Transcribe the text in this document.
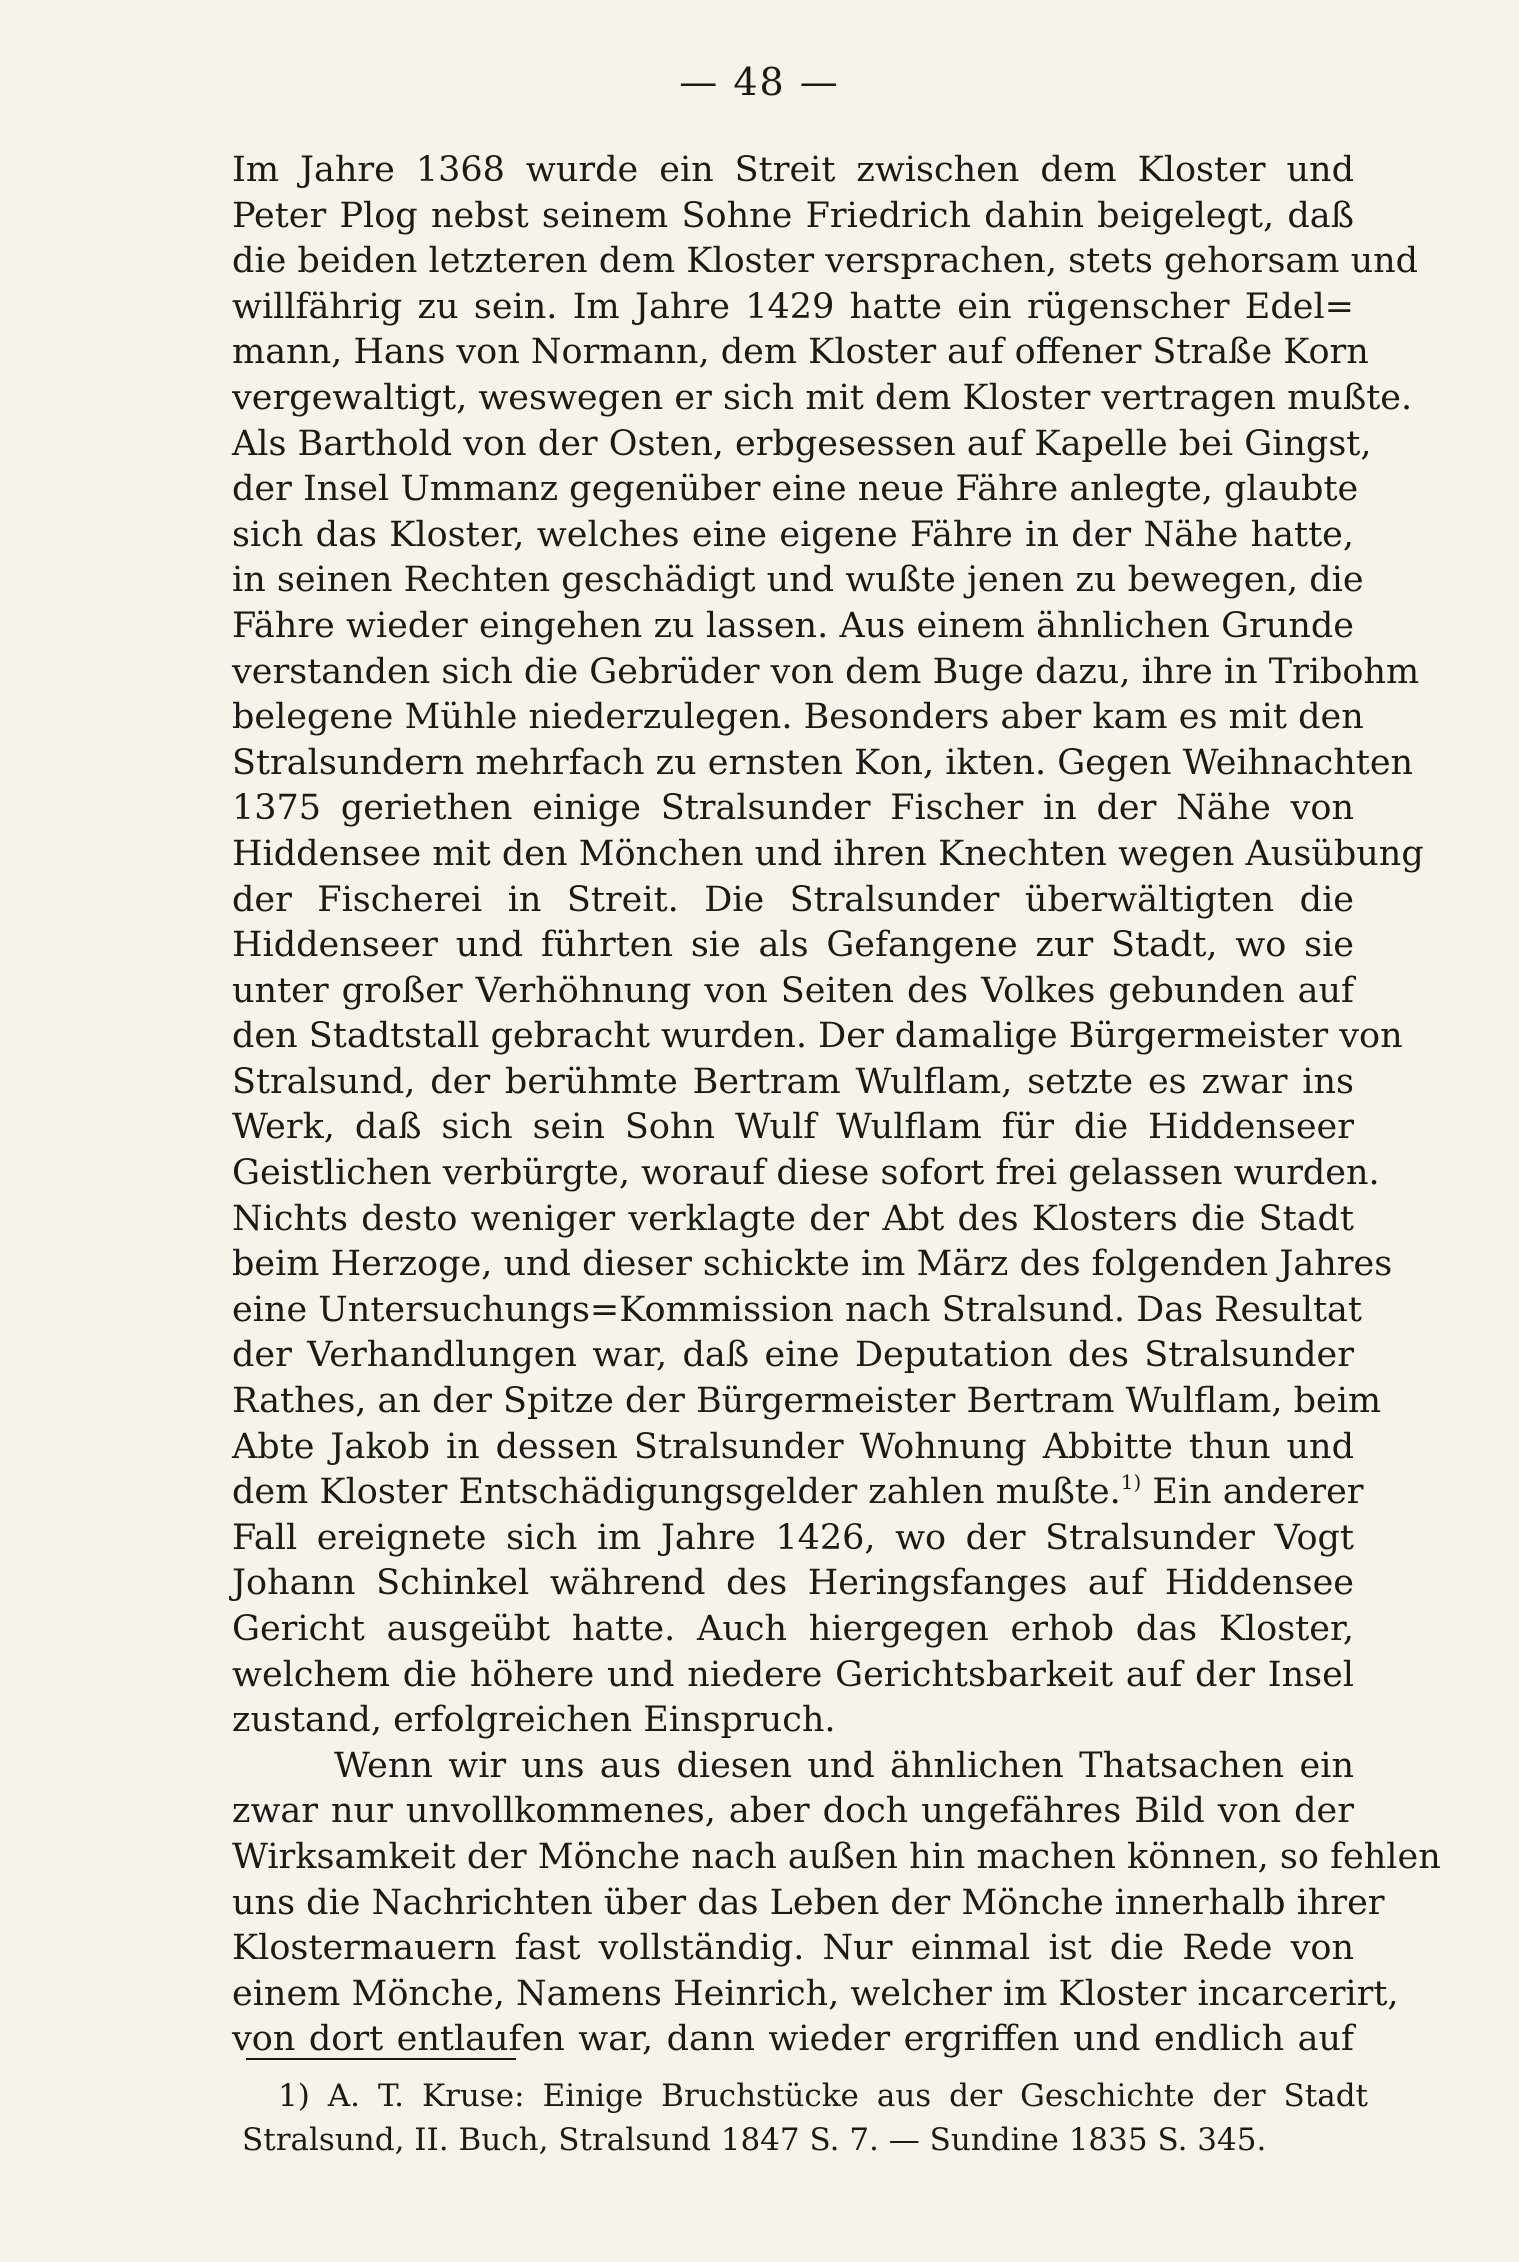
— 48 —
Im Jahre 1368 wurde ein Streit zwischen dem Kloster und
Peter Plog nebst seinem Sohne Friedrich dahin beigelegt, daß
die beiden letzteren dem Kloster versprachen, stets gehorsam und
willfährig zu sein. Im Jahre 1429 hatte ein rügenscher Edel=
mann, Hans von Normann, dem Kloster auf offener Straße Korn
vergewaltigt, weswegen er sich mit dem Kloster vertragen mußte.
Als Barthold von der Osten, erbgesessen auf Kapelle bei Gingst,
der Insel Ummanz gegenüber eine neue Fähre anlegte, glaubte
sich das Kloster, welches eine eigene Fähre in der Nähe hatte,
in seinen Rechten geschädigt und wußte jenen zu bewegen, die
Fähre wieder eingehen zu lassen. Aus einem ähnlichen Grunde
verstanden sich die Gebrüder von dem Buge dazu, ihre in Tribohm
belegene Mühle niederzulegen. Besonders aber kam es mit den
Stralsundern mehrfach zu ernsten Kon, ikten. Gegen Weihnachten
1375 geriethen einige Stralsunder Fischer in der Nähe von
Hiddensee mit den Mönchen und ihren Knechten wegen Ausübung
der Fischerei in Streit. Die Stralsunder überwältigten die
Hiddenseer und führten sie als Gefangene zur Stadt, wo sie
unter großer Verhöhnung von Seiten des Volkes gebunden auf
den Stadtstall gebracht wurden. Der damalige Bürgermeister von
Stralsund, der berühmte Bertram Wulflam, setzte es zwar ins
Werk, daß sich sein Sohn Wulf Wulflam für die Hiddenseer
Geistlichen verbürgte, worauf diese sofort frei gelassen wurden.
Nichts desto weniger verklagte der Abt des Klosters die Stadt
beim Herzoge, und dieser schickte im März des folgenden Jahres
eine Untersuchungs=Kommission nach Stralsund. Das Resultat
der Verhandlungen war, daß eine Deputation des Stralsunder
Rathes, an der Spitze der Bürgermeister Bertram Wulflam, beim
Abte Jakob in dessen Stralsunder Wohnung Abbitte thun und
dem Kloster Entschädigungsgelder zahlen mußte.$^{1)}$ Ein anderer
Fall ereignete sich im Jahre 1426, wo der Stralsunder Vogt
Johann Schinkel während des Heringsfanges auf Hiddensee
Gericht ausgeübt hatte. Auch hiergegen erhob das Kloster,
welchem die höhere und niedere Gerichtsbarkeit auf der Insel
zustand, erfolgreichen Einspruch.
Wenn wir uns aus diesen und ähnlichen Thatsachen ein
zwar nur unvollkommenes, aber doch ungefähres Bild von der
Wirksamkeit der Mönche nach außen hin machen können, so fehlen
uns die Nachrichten über das Leben der Mönche innerhalb ihrer
Klostermauern fast vollständig. Nur einmal ist die Rede von
einem Mönche, Namens Heinrich, welcher im Kloster incarcerirt,
von dort entlaufen war, dann wieder ergriffen und endlich auf
1) A. T. Kruse: Einige Bruchstücke aus der Geschichte der Stadt
Stralsund, II. Buch, Stralsund 1847 S. 7. — Sundine 1835 S. 345.
